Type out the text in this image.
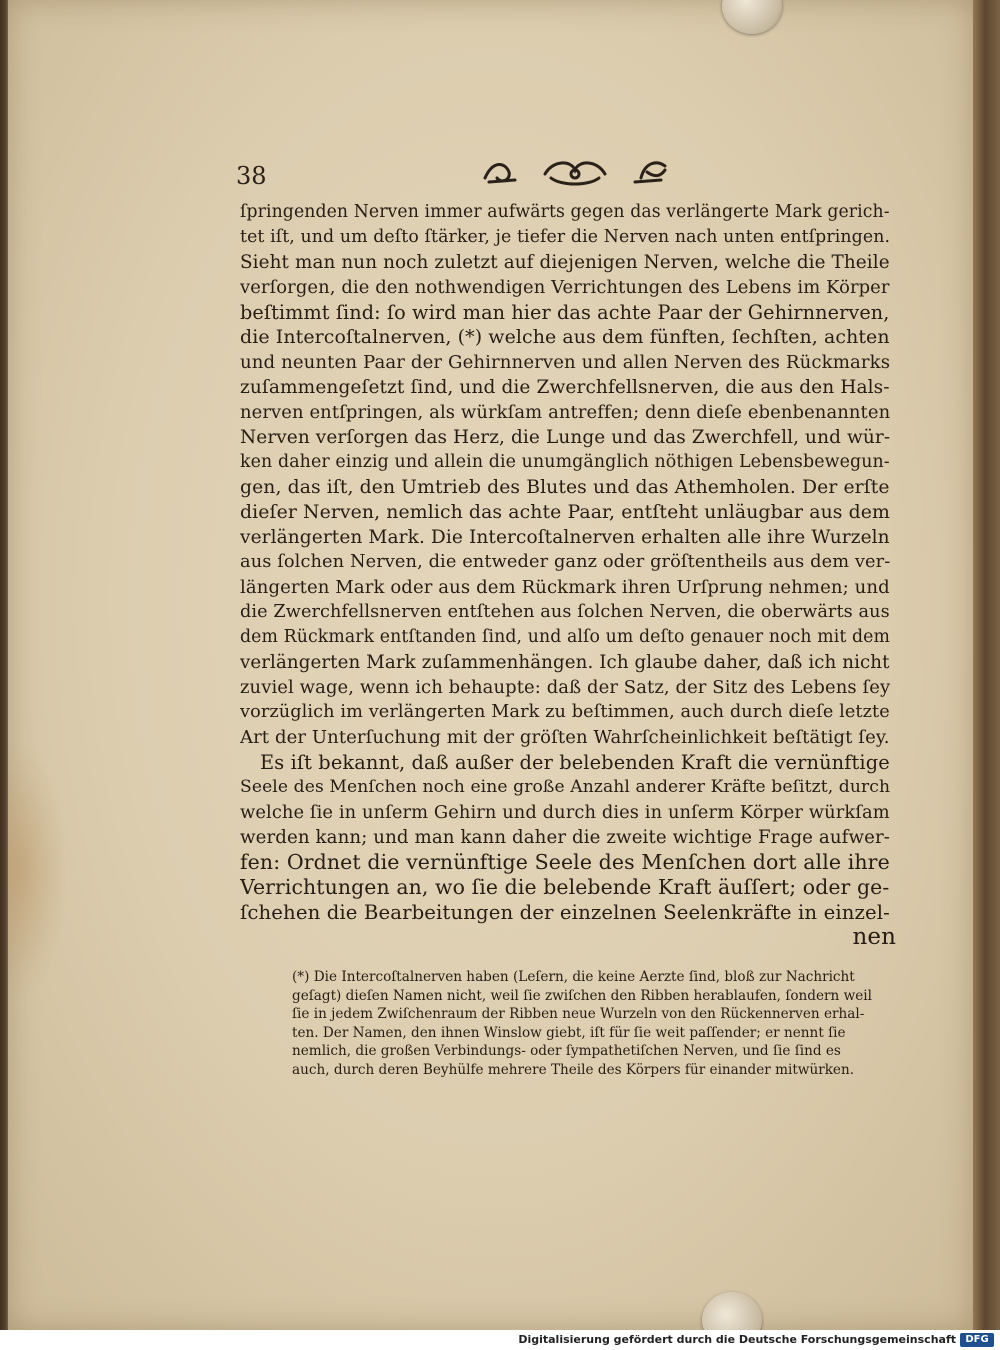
38
ſpringenden Nerven immer aufwärts gegen das verlängerte Mark gerich-
tet iſt, und um deſto ſtärker, je tiefer die Nerven nach unten entſpringen.
Sieht man nun noch zuletzt auf diejenigen Nerven, welche die Theile
verſorgen, die den nothwendigen Verrichtungen des Lebens im Körper
beſtimmt ſind: ſo wird man hier das achte Paar der Gehirnnerven,
die Intercoſtalnerven, (*) welche aus dem fünften, ſechſten, achten
und neunten Paar der Gehirnnerven und allen Nerven des Rückmarks
zuſammengeſetzt ſind, und die Zwerchfellsnerven, die aus den Hals-
nerven entſpringen, als würkſam antreffen; denn dieſe ebenbenannten
Nerven verſorgen das Herz, die Lunge und das Zwerchfell, und wür-
ken daher einzig und allein die unumgänglich nöthigen Lebensbewegun-
gen, das iſt, den Umtrieb des Blutes und das Athemholen. Der erſte
dieſer Nerven, nemlich das achte Paar, entſteht unläugbar aus dem
verlängerten Mark. Die Intercoſtalnerven erhalten alle ihre Wurzeln
aus ſolchen Nerven, die entweder ganz oder gröſtentheils aus dem ver-
längerten Mark oder aus dem Rückmark ihren Urſprung nehmen; und
die Zwerchfellsnerven entſtehen aus ſolchen Nerven, die oberwärts aus
dem Rückmark entſtanden ſind, und alſo um deſto genauer noch mit dem
verlängerten Mark zuſammenhängen. Ich glaube daher, daß ich nicht
zuviel wage, wenn ich behaupte: daß der Satz, der Sitz des Lebens ſey
vorzüglich im verlängerten Mark zu beſtimmen, auch durch dieſe letzte
Art der Unterſuchung mit der gröſten Wahrſcheinlichkeit beſtätigt ſey.
Es iſt bekannt, daß außer der belebenden Kraft die vernünftige
Seele des Menſchen noch eine große Anzahl anderer Kräfte beſitzt, durch
welche ſie in unſerm Gehirn und durch dies in unſerm Körper würkſam
werden kann; und man kann daher die zweite wichtige Frage aufwer-
fen: Ordnet die vernünftige Seele des Menſchen dort alle ihre
Verrichtungen an, wo ſie die belebende Kraft äuſſert; oder ge-
ſchehen die Bearbeitungen der einzelnen Seelenkräfte in einzel-
nen
(*) Die Intercoſtalnerven haben (Leſern, die keine Aerzte ſind, bloß zur Nachricht
geſagt) dieſen Namen nicht, weil ſie zwiſchen den Ribben herablaufen, ſondern weil
ſie in jedem Zwiſchenraum der Ribben neue Wurzeln von den Rückennerven erhal-
ten. Der Namen, den ihnen Winslow giebt, iſt für ſie weit paſſender; er nennt ſie
nemlich, die großen Verbindungs- oder ſympathetiſchen Nerven, und ſie ſind es
auch, durch deren Beyhülfe mehrere Theile des Körpers für einander mitwürken.
Digitalisierung gefördert durch die Deutsche Forschungsgemeinschaft DFG
